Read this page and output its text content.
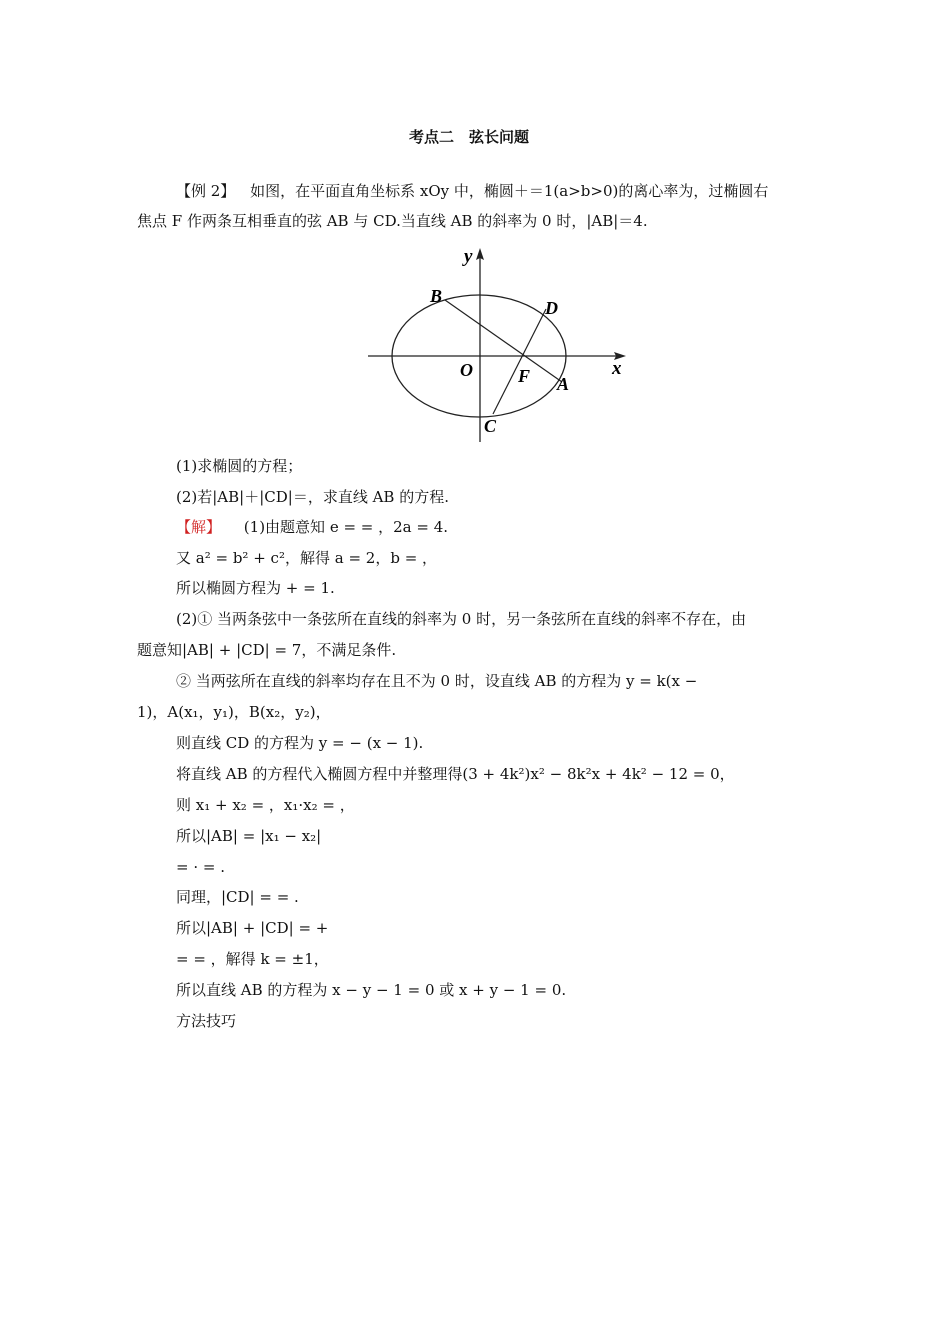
考点二　弦长问题
【例 2】 如图，在平面直角坐标系 xOy 中，椭圆＋＝1(a>b>0)的离心率为，过椭圆右
焦点 F 作两条互相垂直的弦 AB 与 CD.当直线 AB 的斜率为 0 时，|AB|＝4.
y
x
B
D
O	F A
C
(1)求椭圆的方程；
(2)若|AB|＋|CD|＝，求直线 AB 的方程.
【解】 (1)由题意知 e = = ，2a = 4.
又 a² = b² + c²，解得 a = 2，b = ，
所以椭圆方程为 + = 1.
(2)① 当两条弦中一条弦所在直线的斜率为 0 时，另一条弦所在直线的斜率不存在，由
题意知|AB| + |CD| = 7，不满足条件.
② 当两弦所在直线的斜率均存在且不为 0 时，设直线 AB 的方程为 y = k(x −
1)，A(x₁，y₁)，B(x₂，y₂)，
则直线 CD 的方程为 y = − (x − 1).
将直线 AB 的方程代入椭圆方程中并整理得(3 + 4k²)x² − 8k²x + 4k² − 12 = 0，
则 x₁ + x₂ = ，x₁·x₂ = ，
所以|AB| = |x₁ − x₂|
= · = .
同理，|CD| = = .
所以|AB| + |CD| = +
= = ，解得 k = ±1，
所以直线 AB 的方程为 x − y − 1 = 0 或 x + y − 1 = 0.
方法技巧
